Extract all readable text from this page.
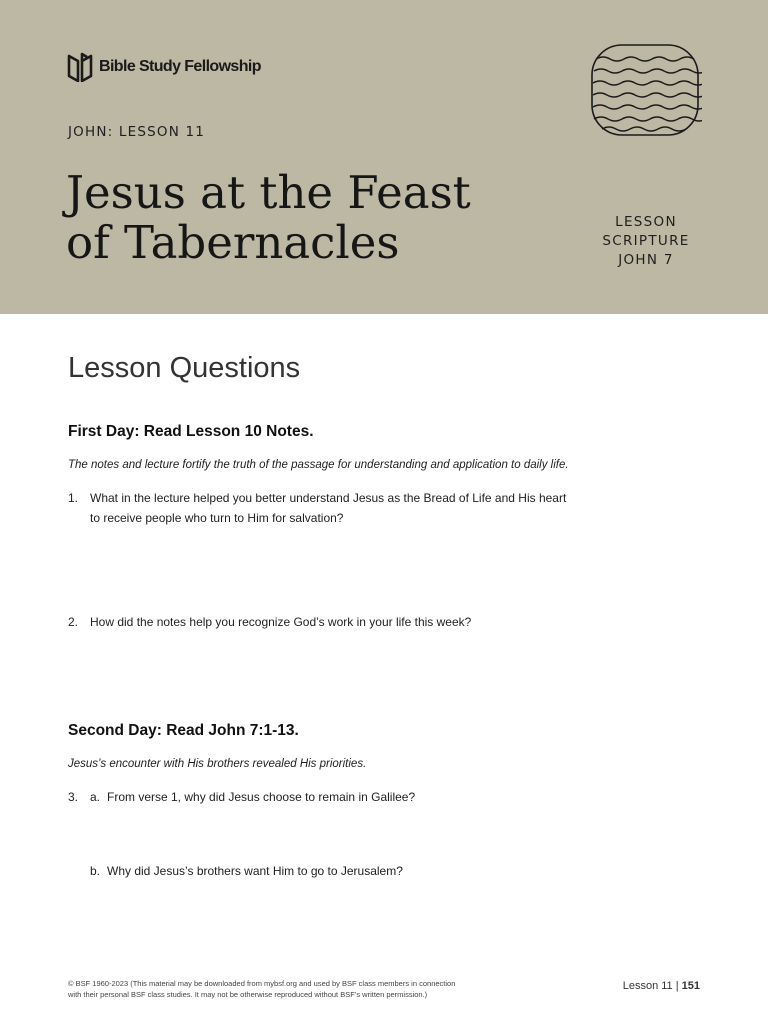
Bible Study Fellowship
JOHN: LESSON 11
Jesus at the Feast
of Tabernacles	LESSON
SCRIPTURE
JOHN 7
Lesson Questions
First Day: Read Lesson 10 Notes.
The notes and lecture fortify the truth of the passage for understanding and application to daily life.
1. What in the lecture helped you better understand Jesus as the Bread of Life and His heart
to receive people who turn to Him for salvation?
2. How did the notes help you recognize God’s work in your life this week?
Second Day: Read John 7:1-13.
Jesus’s encounter with His brothers revealed His priorities.
3. a. From verse 1, why did Jesus choose to remain in Galilee?
b. Why did Jesus’s brothers want Him to go to Jerusalem?
© BSF 1960-2023 (This material may be downloaded from mybsf.org and used by BSF class members in connection
with their personal BSF class studies. It may not be otherwise reproduced without BSF’s written permission.)
Lesson 11 | 151
